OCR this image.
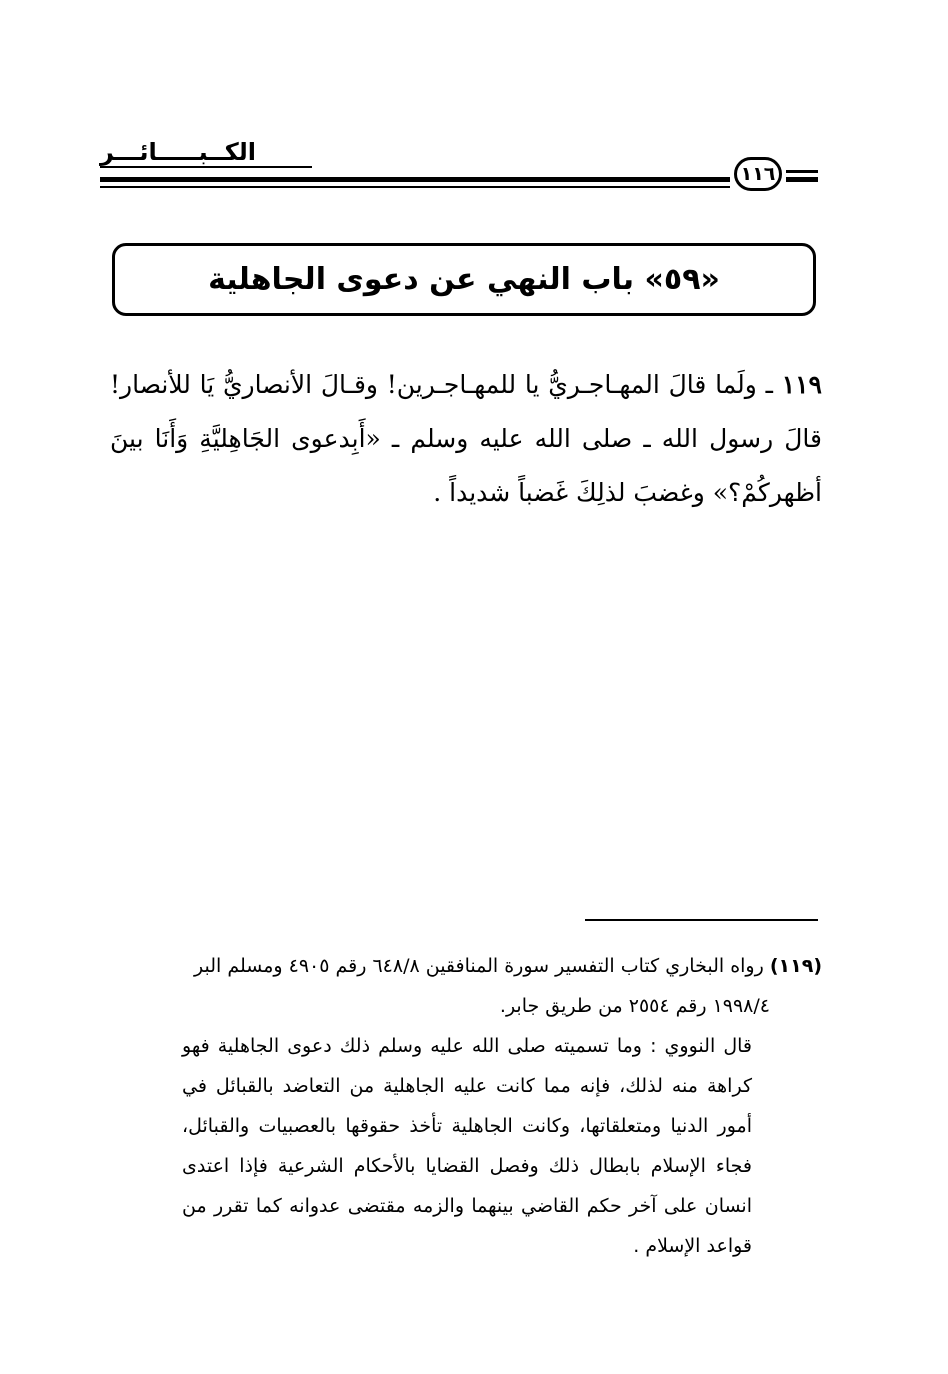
الكــبـــــائـــر
١١٦
«٥٩» باب النهي عن دعوى الجاهلية
١١٩ ـ ولَما قالَ المهـاجـريُّ يا للمهـاجـرين! وقـالَ الأنصاريُّ يَا للأنصار! قالَ رسول الله ـ صلى الله عليه وسلم ـ «أَبِدعوى الجَاهِليَّةِ وَأَنَا بينَ أظهركُمْ؟» وغضبَ لذلِكَ غَضباً شديداً .

(١١٩) رواه البخاري كتاب التفسير سورة المنافقين ٦٤٨/٨ رقم ٤٩٠٥ ومسلم البر

١٩٩٨/٤ رقم ٢٥٥٤ من طريق جابر.

قال النووي : وما تسميته صلى الله عليه وسلم ذلك دعوى الجاهلية فهو كراهة منه لذلك، فإنه مما كانت عليه الجاهلية من التعاضد بالقبائل في أمور الدنيا ومتعلقاتها، وكانت الجاهلية تأخذ حقوقها بالعصبيات والقبائل، فجاء الإسلام بابطال ذلك وفصل القضايا بالأحكام الشرعية فإذا اعتدى انسان على آخر حكم القاضي بينهما والزمه مقتضى عدوانه كما تقرر من قواعد الإسلام .
